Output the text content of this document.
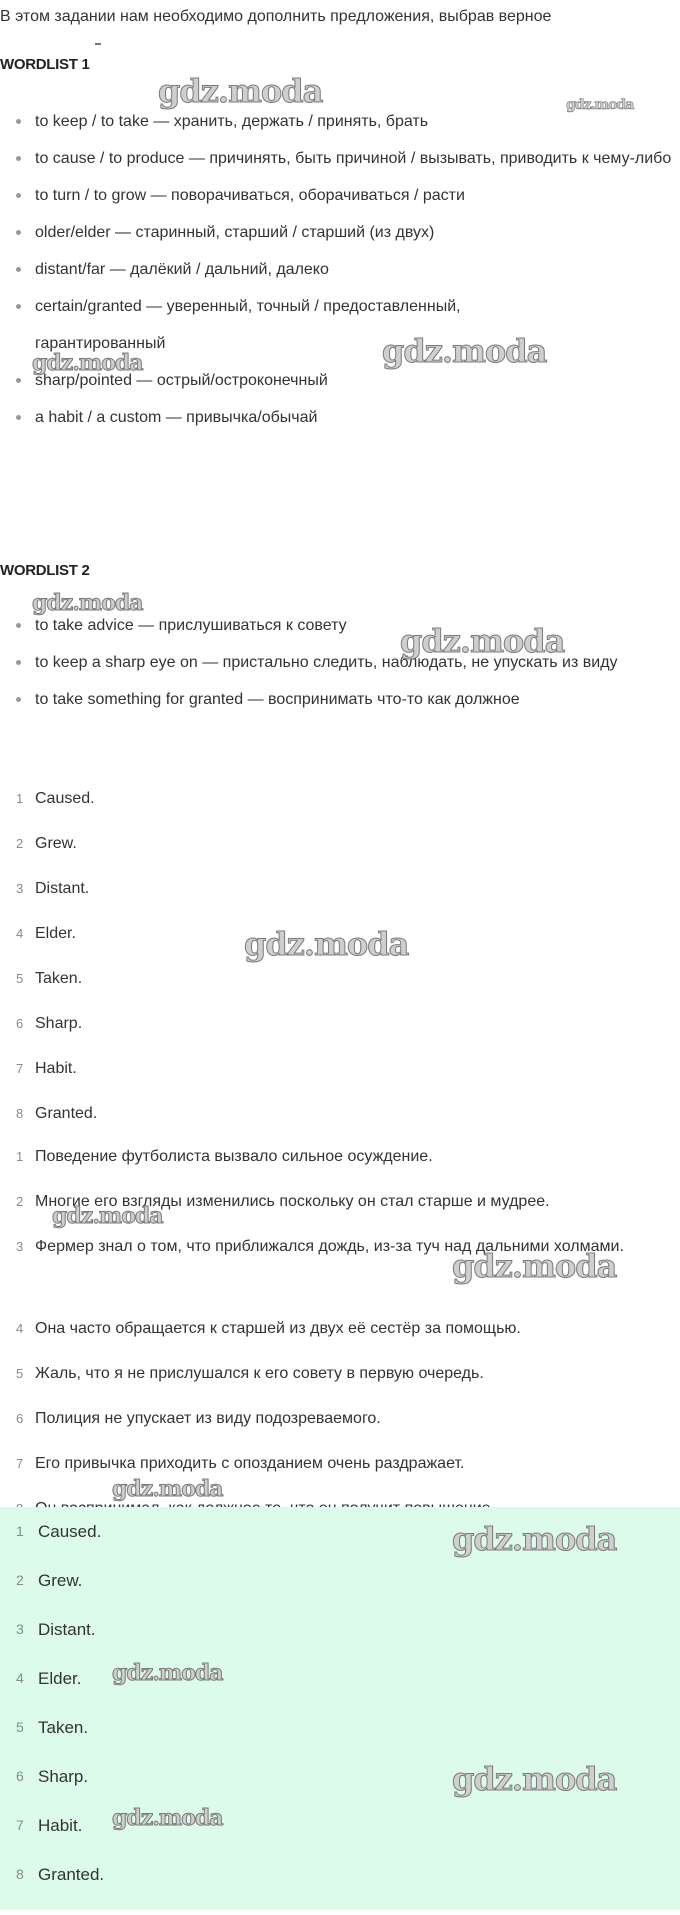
В этом задании нам необходимо дополнить предложения, выбрав верное
WORDLIST 1
to keep / to take — хранить, держать / принять, брать
to cause / to produce — причинять, быть причиной / вызывать, приводить к чему-либо
to turn / to grow — поворачиваться, оборачиваться / расти
older/elder — старинный, старший / старший (из двух)
distant/far — далёкий / дальний, далеко
certain/granted — уверенный, точный / предоставленный, гарантированный
sharp/pointed — острый/остроконечный
a habit / a custom — привычка/обычай
WORDLIST 2
to take advice — прислушиваться к совету
to keep a sharp eye on — пристально следить, наблюдать, не упускать из виду
to take something for granted — воспринимать что-то как должное
1 Caused.
2 Grew.
3 Distant.
4 Elder.
5 Taken.
6 Sharp.
7 Habit.
8 Granted.
1 Поведение футболиста вызвало сильное осуждение.
2 Многие его взгляды изменились поскольку он стал старше и мудрее.
3 Фермер знал о том, что приближался дождь, из-за туч над дальними холмами.
4 Она часто обращается к старшей из двух её сестёр за помощью.
5 Жаль, что я не прислушался к его совету в первую очередь.
6 Полиция не упускает из виду подозреваемого.
7 Его привычка приходить с опозданием очень раздражает.
1 Caused.
2 Grew.
3 Distant.
4 Elder.
5 Taken.
6 Sharp.
7 Habit.
8 Granted.
gdz.moda	gdz.moda
gdz.moda
gdz.moda
gdz.moda
gdz.moda
gdz.moda
gdz.moda
gdz.moda
gdz.moda
gdz.moda
gdz.moda
gdz.moda
gdz.moda
